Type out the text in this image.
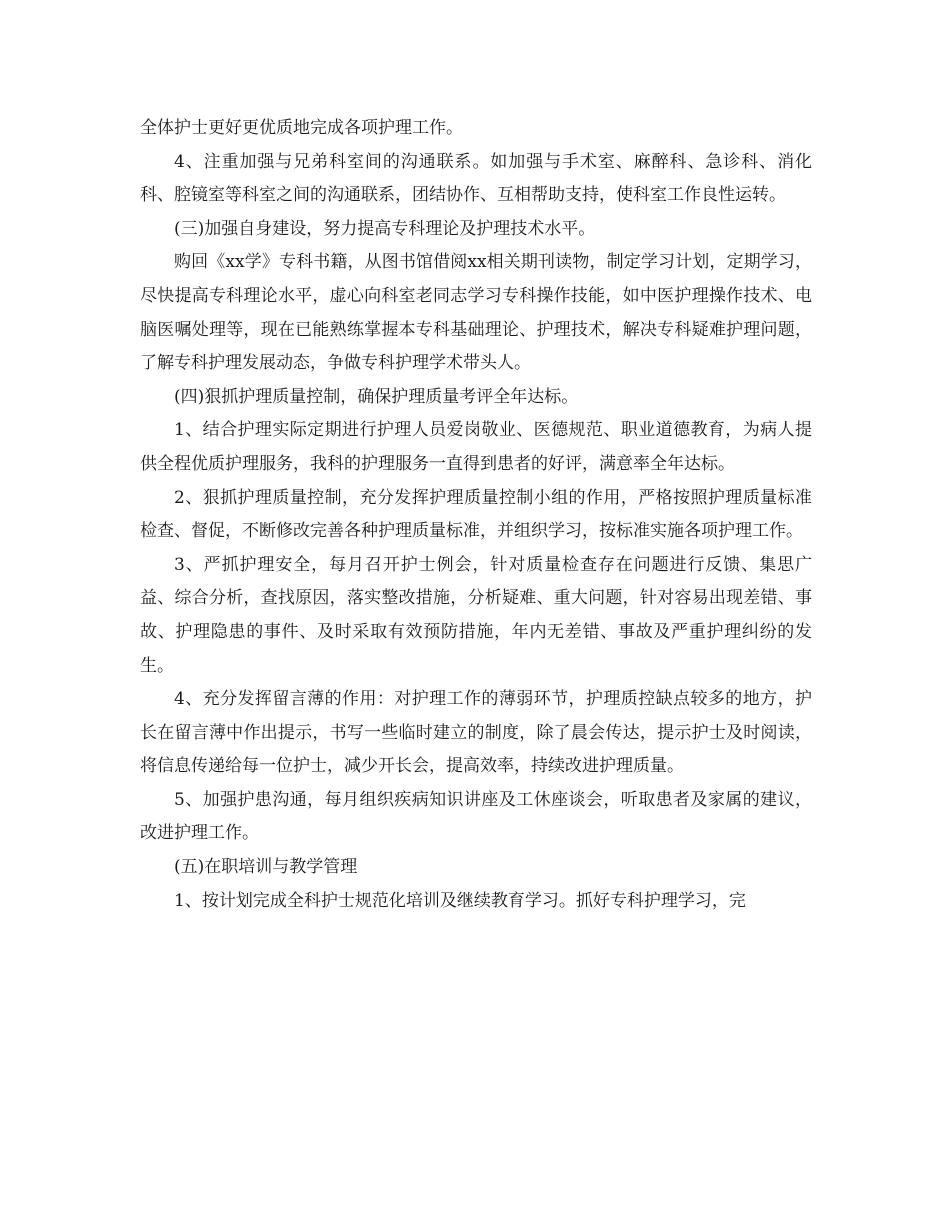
全体护士更好更优质地完成各项护理工作。

4、注重加强与兄弟科室间的沟通联系。如加强与手术室、麻醉科、急诊科、消化科、腔镜室等科室之间的沟通联系，团结协作、互相帮助支持，使科室工作良性运转。

(三)加强自身建设，努力提高专科理论及护理技术水平。

购回《xx学》专科书籍，从图书馆借阅xx相关期刊读物，制定学习计划，定期学习，尽快提高专科理论水平，虚心向科室老同志学习专科操作技能，如中医护理操作技术、电脑医嘱处理等，现在已能熟练掌握本专科基础理论、护理技术，解决专科疑难护理问题，了解专科护理发展动态，争做专科护理学术带头人。

(四)狠抓护理质量控制，确保护理质量考评全年达标。

1、结合护理实际定期进行护理人员爱岗敬业、医德规范、职业道德教育，为病人提供全程优质护理服务，我科的护理服务一直得到患者的好评，满意率全年达标。

2、狠抓护理质量控制，充分发挥护理质量控制小组的作用，严格按照护理质量标准检查、督促，不断修改完善各种护理质量标准，并组织学习，按标准实施各项护理工作。

3、严抓护理安全，每月召开护士例会，针对质量检查存在问题进行反馈、集思广益、综合分析，查找原因，落实整改措施，分析疑难、重大问题，针对容易出现差错、事故、护理隐患的事件、及时采取有效预防措施，年内无差错、事故及严重护理纠纷的发生。

4、充分发挥留言薄的作用：对护理工作的薄弱环节，护理质控缺点较多的地方，护长在留言薄中作出提示，书写一些临时建立的制度，除了晨会传达，提示护士及时阅读，将信息传递给每一位护士，减少开长会，提高效率，持续改进护理质量。

5、加强护患沟通，每月组织疾病知识讲座及工休座谈会，听取患者及家属的建议，改进护理工作。

(五)在职培训与教学管理

1、按计划完成全科护士规范化培训及继续教育学习。抓好专科护理学习，完
